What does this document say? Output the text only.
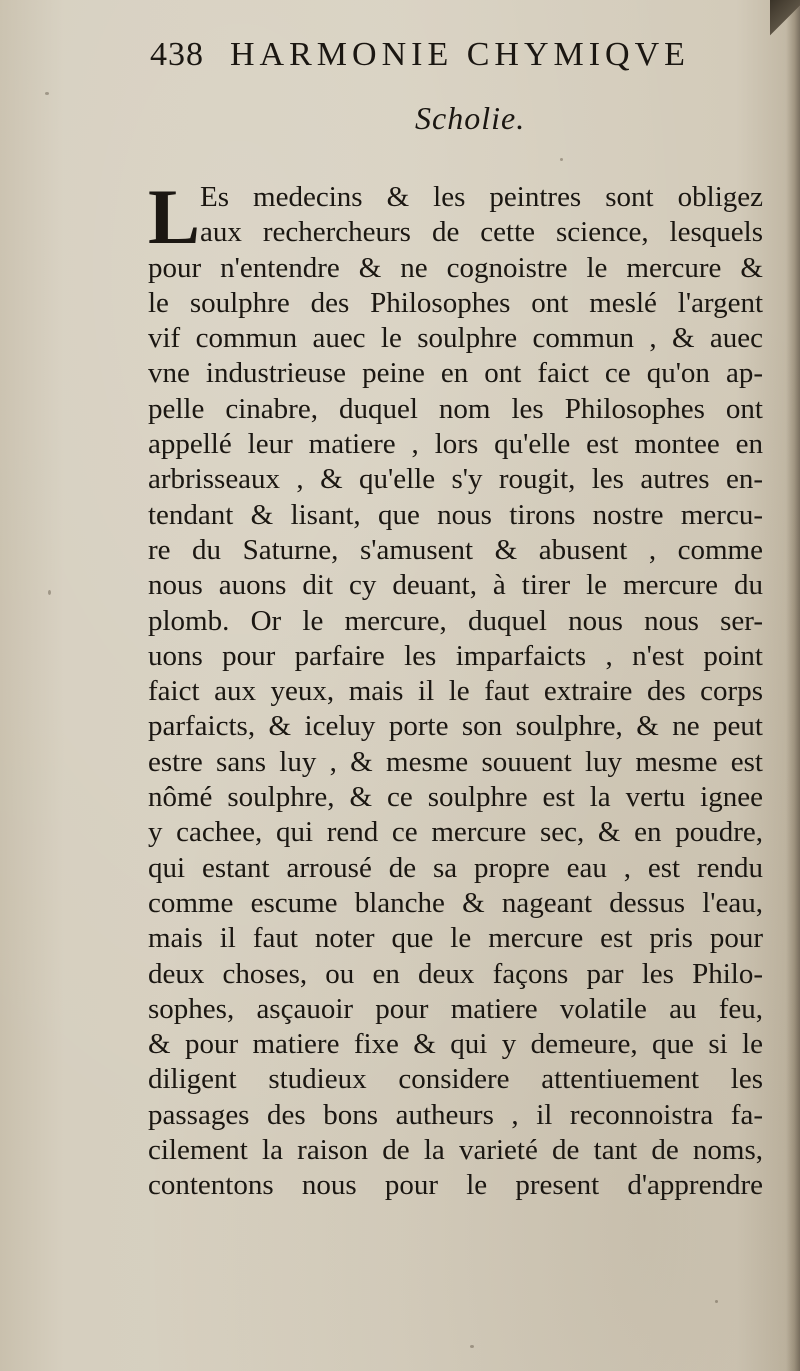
438 HARMONIE CHYMIQVE
Scholie.
L Es medecins & les peintres sont obligez
aux rechercheurs de cette science, lesquels
pour n'entendre & ne cognoistre le mercure &
le soulphre des Philosophes ont meslé l'argent
vif commun auec le soulphre commun , & auec
vne industrieuse peine en ont faict ce qu'on ap-
pelle cinabre, duquel nom les Philosophes ont
appellé leur matiere , lors qu'elle est montee en
arbrisseaux , & qu'elle s'y rougit, les autres en-
tendant & lisant, que nous tirons nostre mercu-
re du Saturne, s'amusent & abusent , comme
nous auons dit cy deuant, à tirer le mercure du
plomb. Or le mercure, duquel nous nous ser-
uons pour parfaire les imparfaicts , n'est point
faict aux yeux, mais il le faut extraire des corps
parfaicts, & iceluy porte son soulphre, & ne peut
estre sans luy , & mesme souuent luy mesme est
nômé soulphre, & ce soulphre est la vertu ignee
y cachee, qui rend ce mercure sec, & en poudre,
qui estant arrousé de sa propre eau , est rendu
comme escume blanche & nageant dessus l'eau,
mais il faut noter que le mercure est pris pour
deux choses, ou en deux façons par les Philo-
sophes, asçauoir pour matiere volatile au feu,
& pour matiere fixe & qui y demeure, que si le
diligent studieux considere attentiuement les
passages des bons autheurs , il reconnoistra fa-
cilement la raison de la varieté de tant de noms,
contentons nous pour le present d'apprendre
